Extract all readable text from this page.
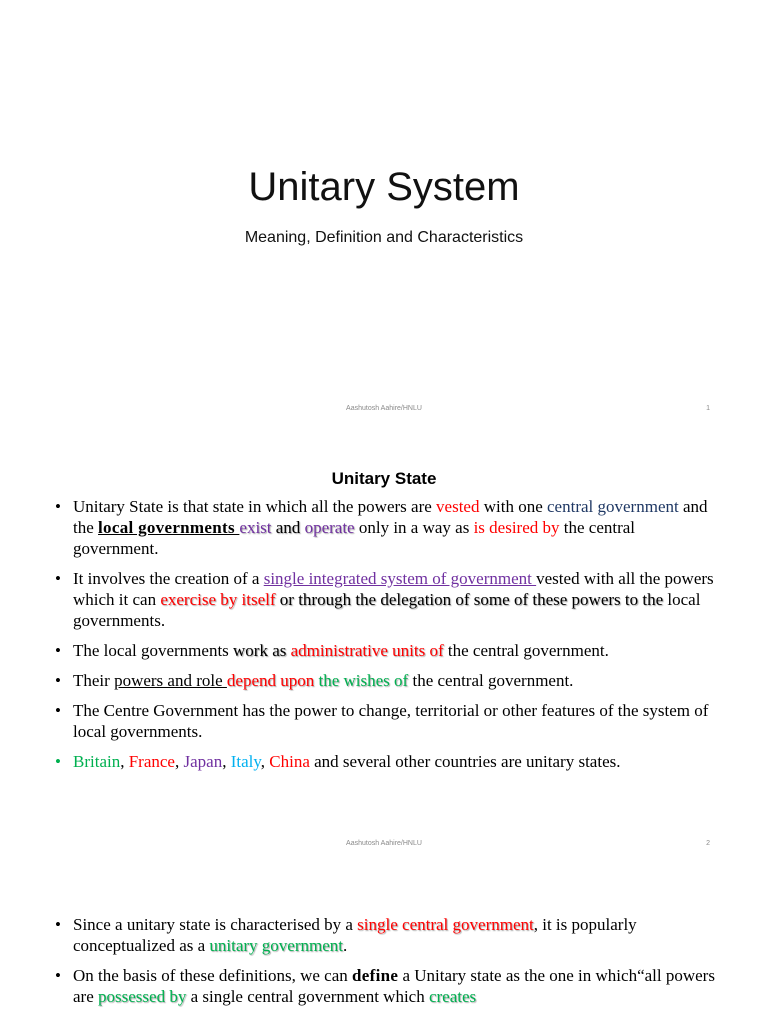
Unitary System
Meaning, Definition and Characteristics
Aashutosh Aahire/HNLU	1
Unitary State
• Unitary State is that state in which all the powers are vested with one central government and the local governments exist and operate only in a way as is desired by the central government.
• It involves the creation of a single integrated system of government vested with all the powers which it can exercise by itself or through the delegation of some of these powers to the local governments.
• The local governments work as administrative units of the central government.
• Their powers and role depend upon the wishes of the central government.
• The Centre Government has the power to change, territorial or other features of the system of local governments.
• Britain, France, Japan, Italy, China and several other countries are unitary states.
Aashutosh Aahire/HNLU	2
• Since a unitary state is characterised by a single central government, it is popularly conceptualized as a unitary government.
• On the basis of these definitions, we can define a Unitary state as the one in which“all powers are possessed by a single central government which creates
